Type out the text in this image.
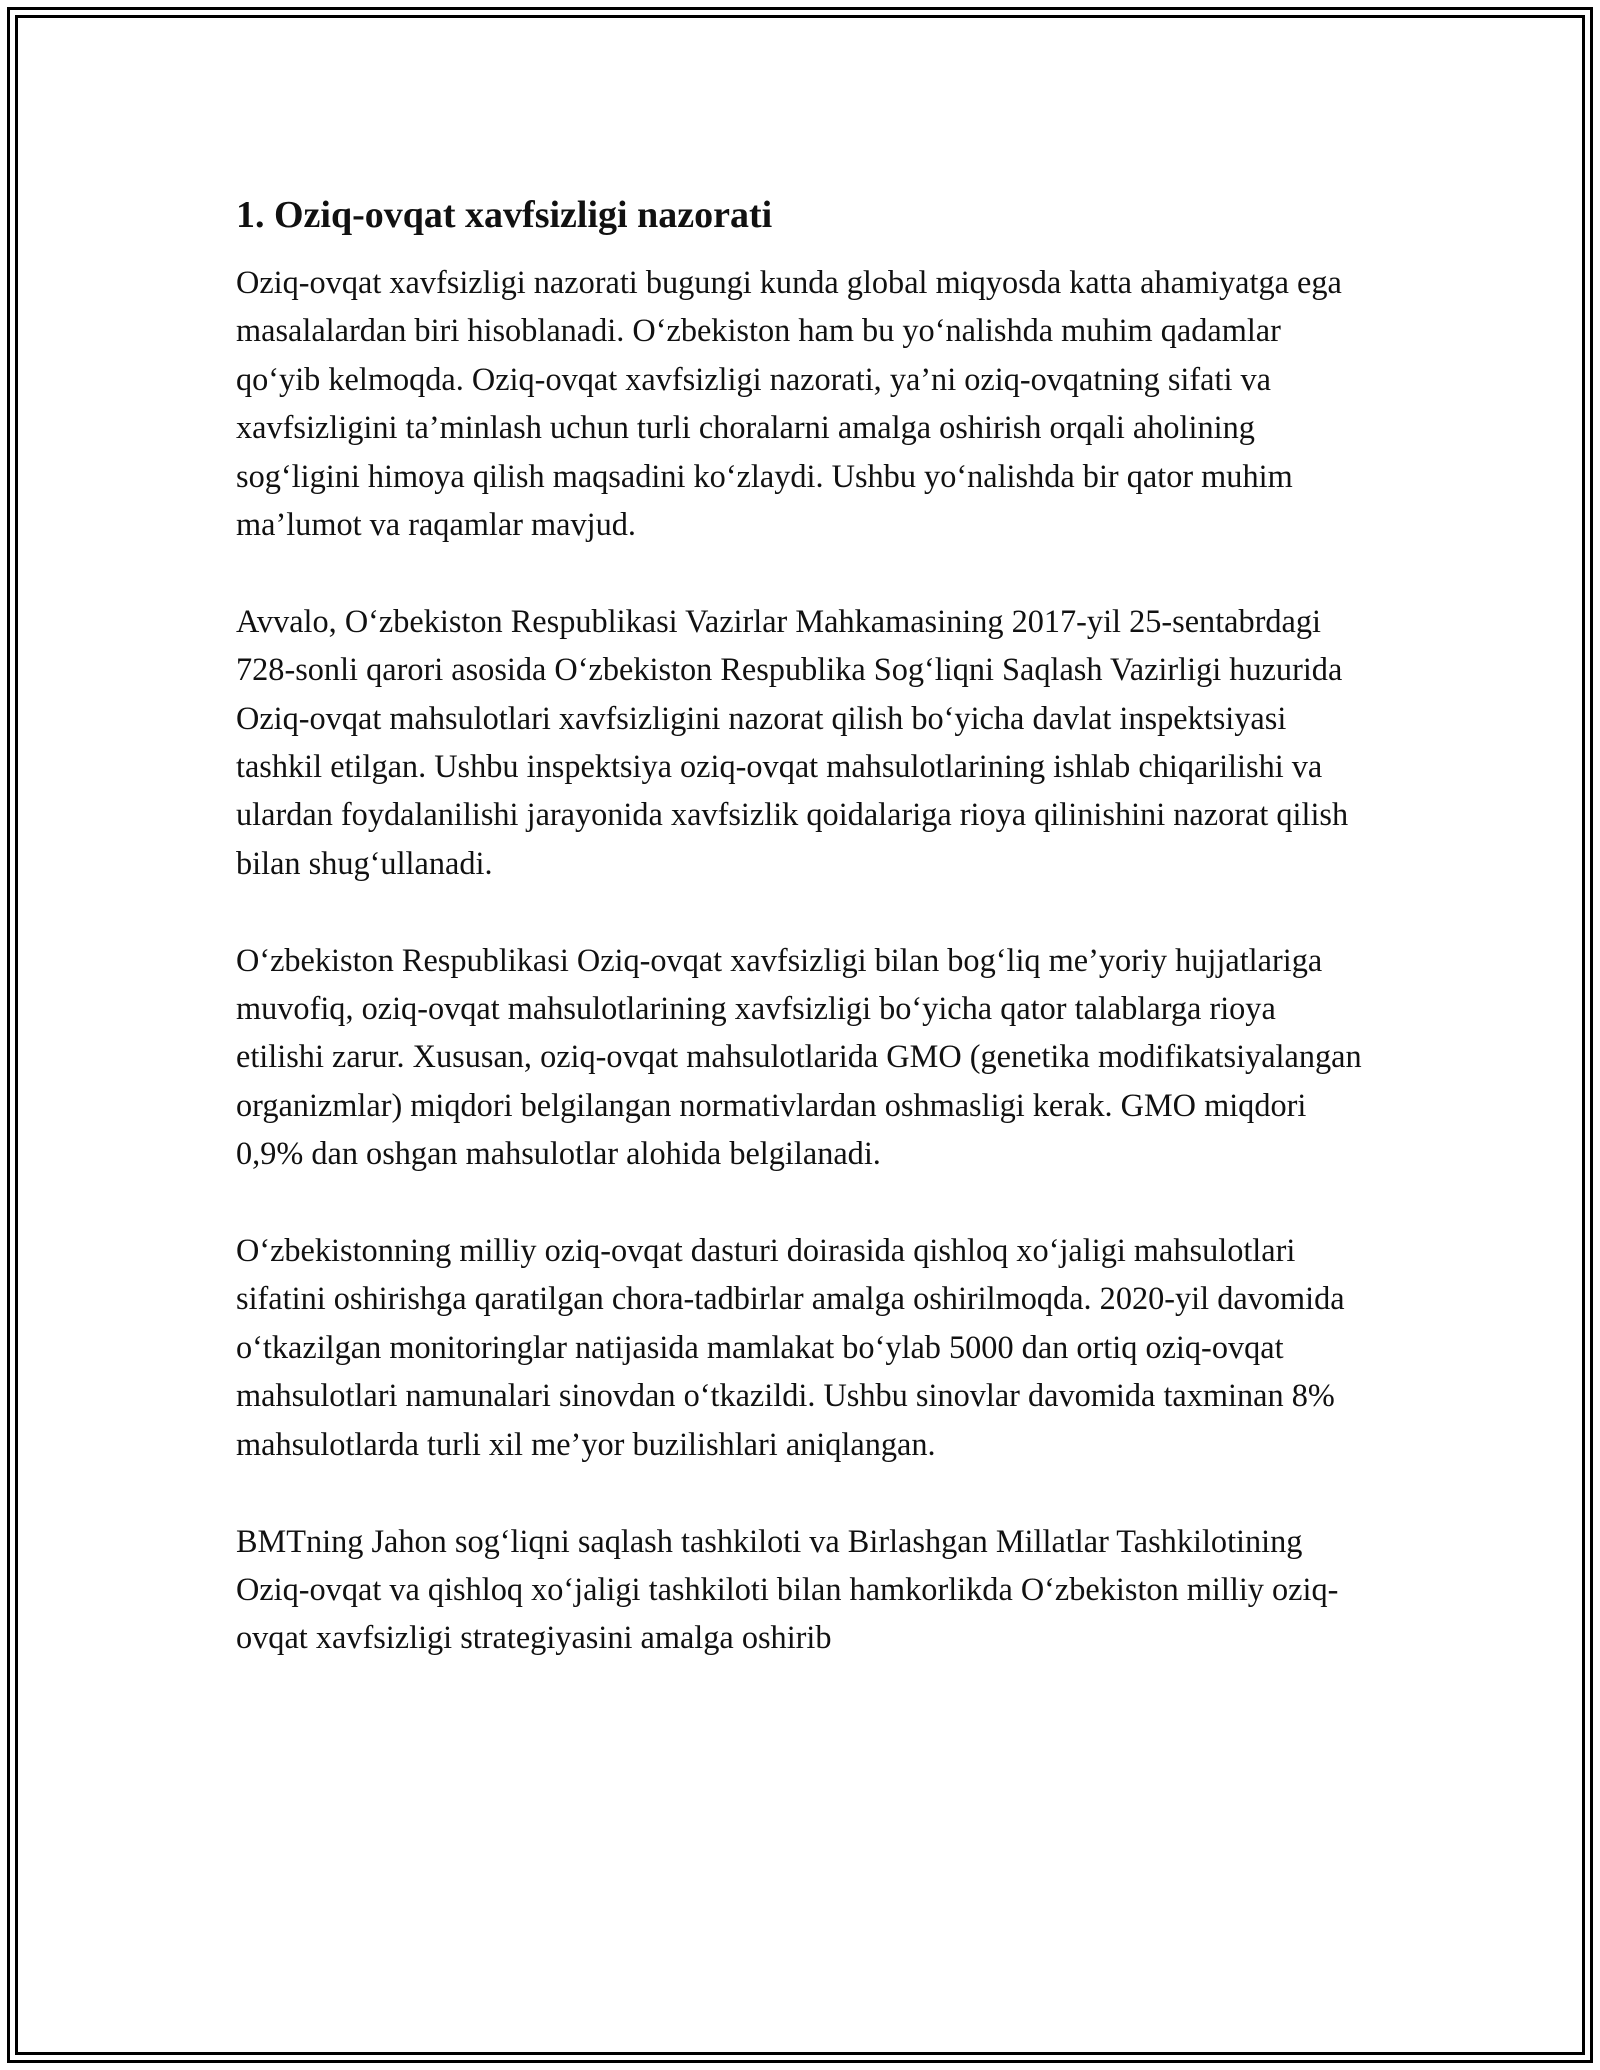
1. Oziq-ovqat xavfsizligi nazorati

Oziq-ovqat xavfsizligi nazorati bugungi kunda global miqyosda katta ahamiyatga ega masalalardan biri hisoblanadi. O‘zbekiston ham bu yo‘nalishda muhim qadamlar qo‘yib kelmoqda. Oziq-ovqat xavfsizligi nazorati, ya’ni oziq-ovqatning sifati va xavfsizligini ta’minlash uchun turli choralarni amalga oshirish orqali aholining sog‘ligini himoya qilish maqsadini ko‘zlaydi. Ushbu yo‘nalishda bir qator muhim ma’lumot va raqamlar mavjud.

Avvalo, O‘zbekiston Respublikasi Vazirlar Mahkamasining 2017-yil 25-sentabrdagi 728-sonli qarori asosida O‘zbekiston Respublika Sog‘liqni Saqlash Vazirligi huzurida Oziq-ovqat mahsulotlari xavfsizligini nazorat qilish bo‘yicha davlat inspektsiyasi tashkil etilgan. Ushbu inspektsiya oziq-ovqat mahsulotlarining ishlab chiqarilishi va ulardan foydalanilishi jarayonida xavfsizlik qoidalariga rioya qilinishini nazorat qilish bilan shug‘ullanadi.

O‘zbekiston Respublikasi Oziq-ovqat xavfsizligi bilan bog‘liq me’yoriy hujjatlariga muvofiq, oziq-ovqat mahsulotlarining xavfsizligi bo‘yicha qator talablarga rioya etilishi zarur. Xususan, oziq-ovqat mahsulotlarida GMO (genetika modifikatsiyalangan organizmlar) miqdori belgilangan normativlardan oshmasligi kerak. GMO miqdori 0,9% dan oshgan mahsulotlar alohida belgilanadi.

O‘zbekistonning milliy oziq-ovqat dasturi doirasida qishloq xo‘jaligi mahsulotlari sifatini oshirishga qaratilgan chora-tadbirlar amalga oshirilmoqda. 2020-yil davomida o‘tkazilgan monitoringlar natijasida mamlakat bo‘ylab 5000 dan ortiq oziq-ovqat mahsulotlari namunalari sinovdan o‘tkazildi. Ushbu sinovlar davomida taxminan 8% mahsulotlarda turli xil me’yor buzilishlari aniqlangan.

BMTning Jahon sog‘liqni saqlash tashkiloti va Birlashgan Millatlar Tashkilotining Oziq-ovqat va qishloq xo‘jaligi tashkiloti bilan hamkorlikda O‘zbekiston milliy oziq-ovqat xavfsizligi strategiyasini amalga oshirib
